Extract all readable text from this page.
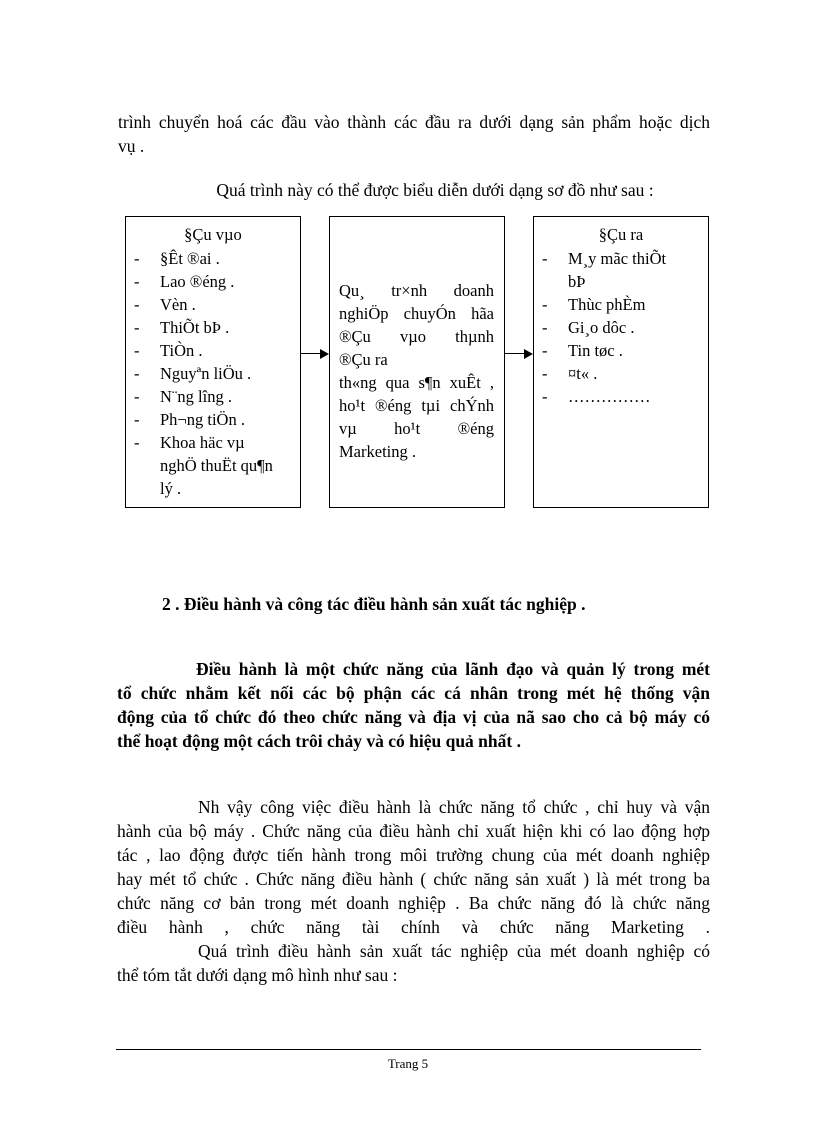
trình chuyển hoá các đầu vào thành các đầu ra dưới dạng sản phẩm hoặc dịch
vụ .
Quá trình này có thể được biểu diễn dưới dạng sơ đồ như sau :
§Çu vµo
- §Êt ®ai .
- Lao ®éng .
- Vèn .
- ThiÕt bÞ .
- TiÒn .
- Nguyªn liÖu .
- N¨ng lîng .
- Ph¬ng tiÖn .
- Khoa häc vµ
nghÖ thuËt qu¶n
lý .
Qu¸ tr×nh doanh
nghiÖp chuyÓn hãa
®Çu vµo thµnh
®Çu ra
th«ng qua s¶n xuÊt ,
ho¹t ®éng tµi chÝnh
vµ ho¹t ®éng
Marketing .
§Çu ra
- M¸y mãc thiÕt
bÞ
- Thùc phÈm
- Gi¸o dôc .
- Tin tøc .
- ¤t« .
- ……………
2 . Điều hành và công tác điều hành sản xuất tác nghiệp .
Điều hành là một chức năng của lãnh đạo và quản lý trong mét
tổ chức nhằm kết nối các bộ phận các cá nhân trong mét hệ thống vận
động của tổ chức đó theo chức năng và địa vị của nã sao cho cả bộ máy có
thể hoạt động một cách trôi chảy và có hiệu quả nhất .
Nh vậy công việc điều hành là chức năng tổ chức , chỉ huy và vận
hành của bộ máy . Chức năng của điều hành chỉ xuất hiện khi có lao động hợp
tác , lao động được tiến hành trong môi trường chung của mét doanh nghiệp
hay mét tổ chức . Chức năng điều hành ( chức năng sản xuất ) là mét trong ba
chức năng cơ bản trong mét doanh nghiệp . Ba chức năng đó là chức năng
điều hành , chức năng tài chính và chức năng Marketing .
Quá trình điều hành sản xuất tác nghiệp của mét doanh nghiệp có
thể tóm tắt dưới dạng mô hình như sau :
Trang 5
